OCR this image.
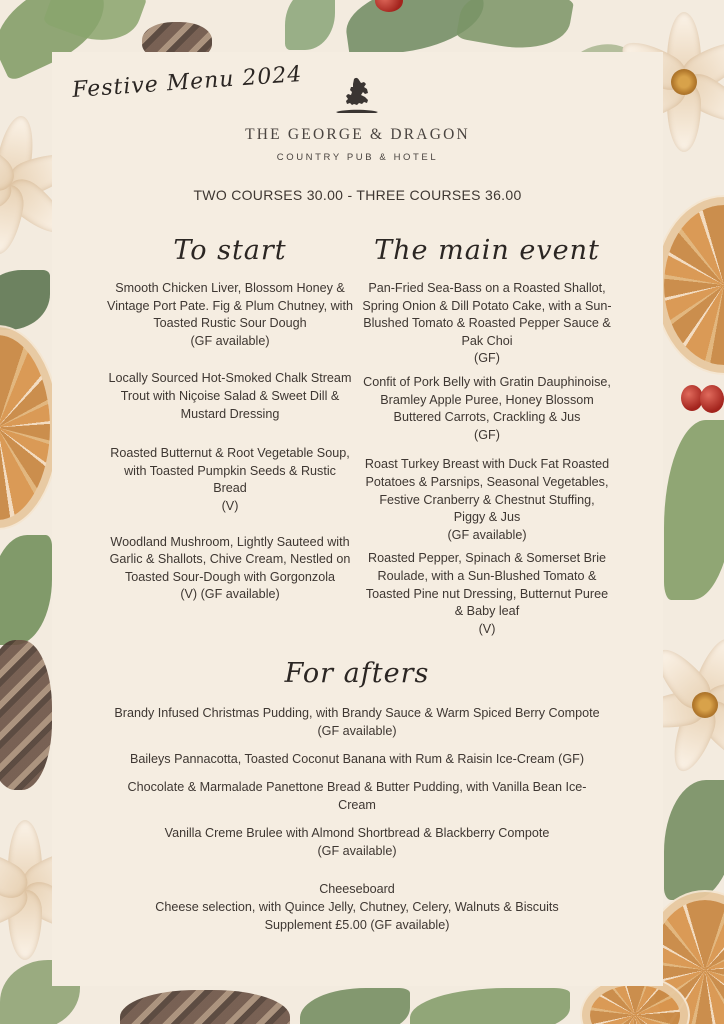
Festive Menu 2024
THE GEORGE & DRAGON
COUNTRY PUB & HOTEL
TWO COURSES 30.00 - THREE COURSES 36.00
To start
Smooth Chicken Liver, Blossom Honey & Vintage Port Pate. Fig & Plum Chutney, with Toasted Rustic Sour Dough
(GF available)
Locally Sourced Hot-Smoked Chalk Stream Trout with Niçoise Salad & Sweet Dill & Mustard Dressing
Roasted Butternut & Root Vegetable Soup, with Toasted Pumpkin Seeds & Rustic Bread
(V)
Woodland Mushroom, Lightly Sauteed with Garlic & Shallots, Chive Cream, Nestled on Toasted Sour-Dough with Gorgonzola
(V) (GF available)
The main event
Pan-Fried Sea-Bass on a Roasted Shallot, Spring Onion & Dill Potato Cake, with a Sun-Blushed Tomato & Roasted Pepper Sauce & Pak Choi
(GF)
Confit of Pork Belly with Gratin Dauphinoise, Bramley Apple Puree, Honey Blossom Buttered Carrots, Crackling & Jus
(GF)
Roast Turkey Breast with Duck Fat Roasted Potatoes & Parsnips, Seasonal Vegetables, Festive Cranberry & Chestnut Stuffing, Piggy & Jus
(GF available)
Roasted Pepper, Spinach & Somerset Brie Roulade, with a Sun-Blushed Tomato & Toasted Pine nut Dressing, Butternut Puree & Baby leaf
(V)
For afters
Brandy Infused Christmas Pudding, with Brandy Sauce & Warm Spiced Berry Compote (GF available)
Baileys Pannacotta, Toasted Coconut Banana with Rum & Raisin Ice-Cream (GF)
Chocolate & Marmalade Panettone Bread & Butter Pudding, with Vanilla Bean Ice-Cream
Vanilla Creme Brulee with Almond Shortbread & Blackberry Compote
(GF available)
Cheeseboard
Cheese selection, with Quince Jelly, Chutney, Celery, Walnuts & Biscuits
Supplement £5.00 (GF available)
